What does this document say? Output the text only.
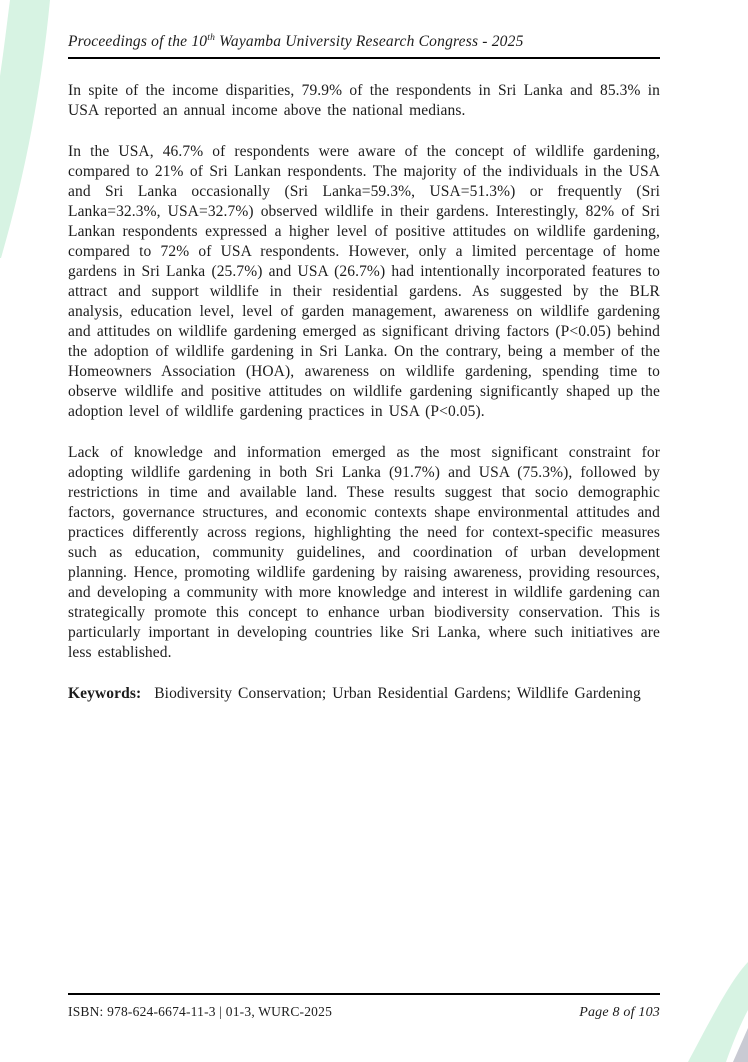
Proceedings of the 10th Wayamba University Research Congress - 2025

In spite of the income disparities, 79.9% of the respondents in Sri Lanka and 85.3% in USA reported an annual income above the national medians.

In the USA, 46.7% of respondents were aware of the concept of wildlife gardening, compared to 21% of Sri Lankan respondents. The majority of the individuals in the USA and Sri Lanka occasionally (Sri Lanka=59.3%, USA=51.3%) or frequently (Sri Lanka=32.3%, USA=32.7%) observed wildlife in their gardens. Interestingly, 82% of Sri Lankan respondents expressed a higher level of positive attitudes on wildlife gardening, compared to 72% of USA respondents. However, only a limited percentage of home gardens in Sri Lanka (25.7%) and USA (26.7%) had intentionally incorporated features to attract and support wildlife in their residential gardens. As suggested by the BLR analysis, education level, level of garden management, awareness on wildlife gardening and attitudes on wildlife gardening emerged as significant driving factors (P<0.05) behind the adoption of wildlife gardening in Sri Lanka. On the contrary, being a member of the Homeowners Association (HOA), awareness on wildlife gardening, spending time to observe wildlife and positive attitudes on wildlife gardening significantly shaped up the adoption level of wildlife gardening practices in USA (P<0.05).

Lack of knowledge and information emerged as the most significant constraint for adopting wildlife gardening in both Sri Lanka (91.7%) and USA (75.3%), followed by restrictions in time and available land. These results suggest that socio demographic factors, governance structures, and economic contexts shape environmental attitudes and practices differently across regions, highlighting the need for context-specific measures such as education, community guidelines, and coordination of urban development planning. Hence, promoting wildlife gardening by raising awareness, providing resources, and developing a community with more knowledge and interest in wildlife gardening can strategically promote this concept to enhance urban biodiversity conservation. This is particularly important in developing countries like Sri Lanka, where such initiatives are less established.

Keywords: Biodiversity Conservation; Urban Residential Gardens; Wildlife Gardening

ISBN: 978-624-6674-11-3 | 01-3, WURC-2025	Page 8 of 103
